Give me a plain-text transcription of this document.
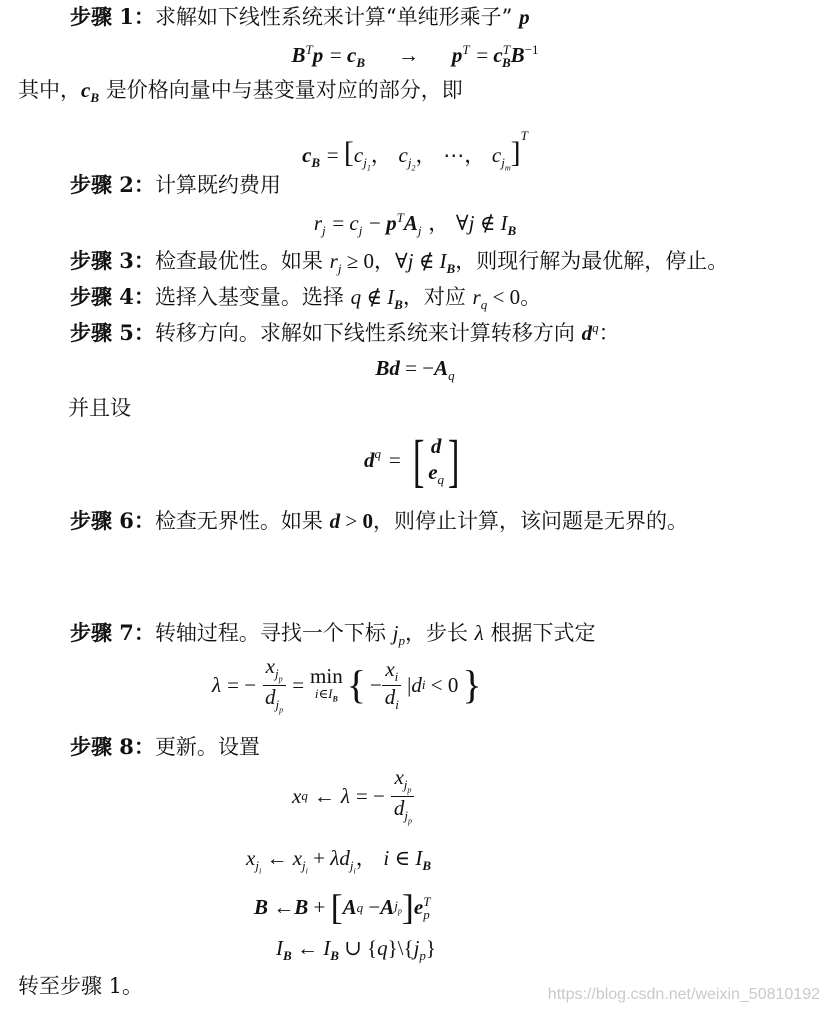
步骤 1：求解如下线性系统来计算“单纯形乘子” p
$B^Tp = c_B$      →      $p^T = c^T_BB^{-1}$
其中，$c_B$ 是价格向量中与基变量对应的部分，即
$c_B = [c_{j_1}$， $c_{j_2}$， ⋯， $c_{j_m}]^T$
步骤 2：计算既约费用
$r_j = c_j - p^TA_j$ ， ∀j ∉ $I_B$
步骤 3：检查最优性。如果 $r_j \ge 0$，∀j ∉ $I_B$，则现行解为最优解，停止。
步骤 4：选择入基变量。选择 q ∉ $I_B$，对应 $r_q < 0$。
步骤 5：转移方向。求解如下线性系统来计算转移方向 $d^q$：
$Bd = -A_q$
并且设
$d^q$ = [ d
$e_q$ ]
步骤 6：检查无界性。如果 d > 0，则停止计算，该问题是无界的。
步骤 7：转轴过程。寻找一个下标 $j_p$，步长 λ 根据下式定
λ = −
$x_{j_p}$
$d_{j_p}$
= min
$i\in I_B$ { − $\frac{x_i}{d_i}$ | d i < 0 }
步骤 8：更新。设置
x q ← λ = −
$x_{j_p}$
$d_{j_p}$
$x_{j_i}$ ← $x_{j_i} + \lambda d_{j_i}$， i ∈ $I_B$
B ← B + [ A q − A $j_p$ ] e T
p
$I_B$ ← $I_B$ ∪ $\{q\}\backslash\{j_p\}$
转至步骤 1。	https://blog.csdn.net/weixin_50810192
